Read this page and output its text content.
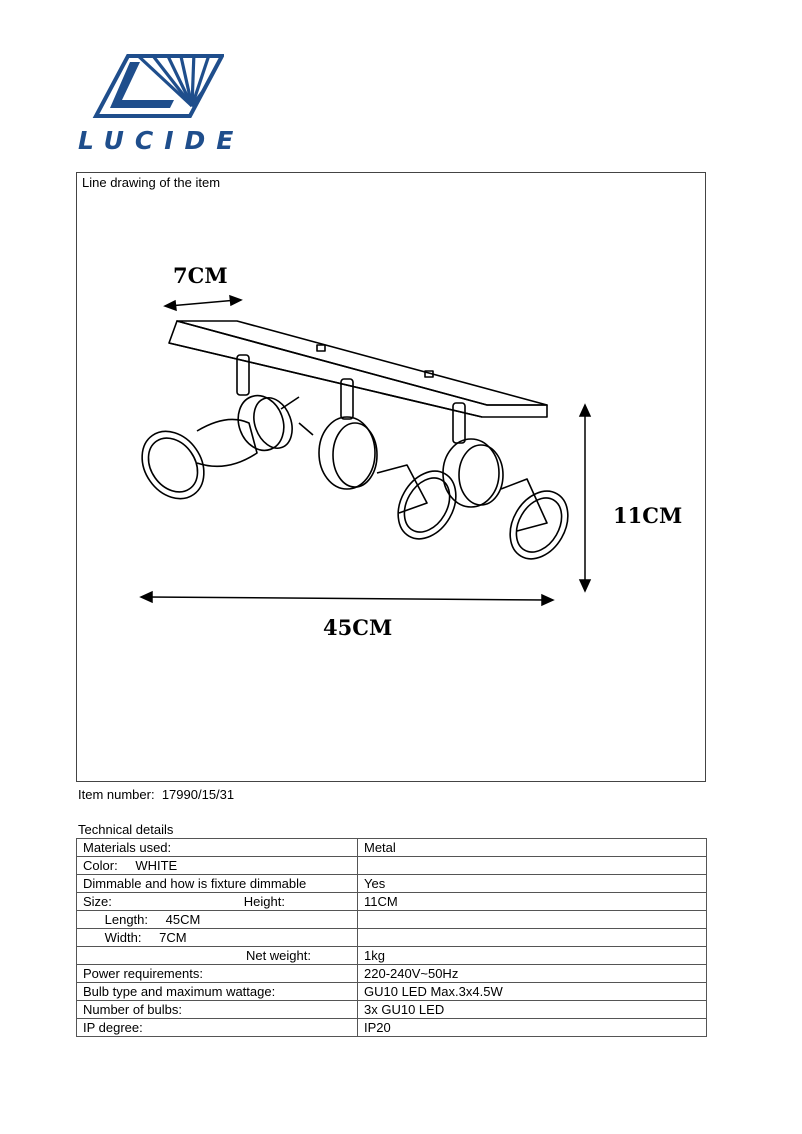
LUCIDE
Line drawing of the item
7CM
11CM
45CM
Item number: 17990/15/31
Technical details
Materials used:	Metal
Color: WHITE	
Dimmable and how is fixture dimmable	Yes
Size: Height:	11CM
Length: 45CM	
Width: 7CM	

Net weight:	1kg
Power requirements:	220-240V~50Hz
Bulb type and maximum wattage:	GU10 LED Max.3x4.5W
Number of bulbs:	3x GU10 LED
IP degree:	IP20
